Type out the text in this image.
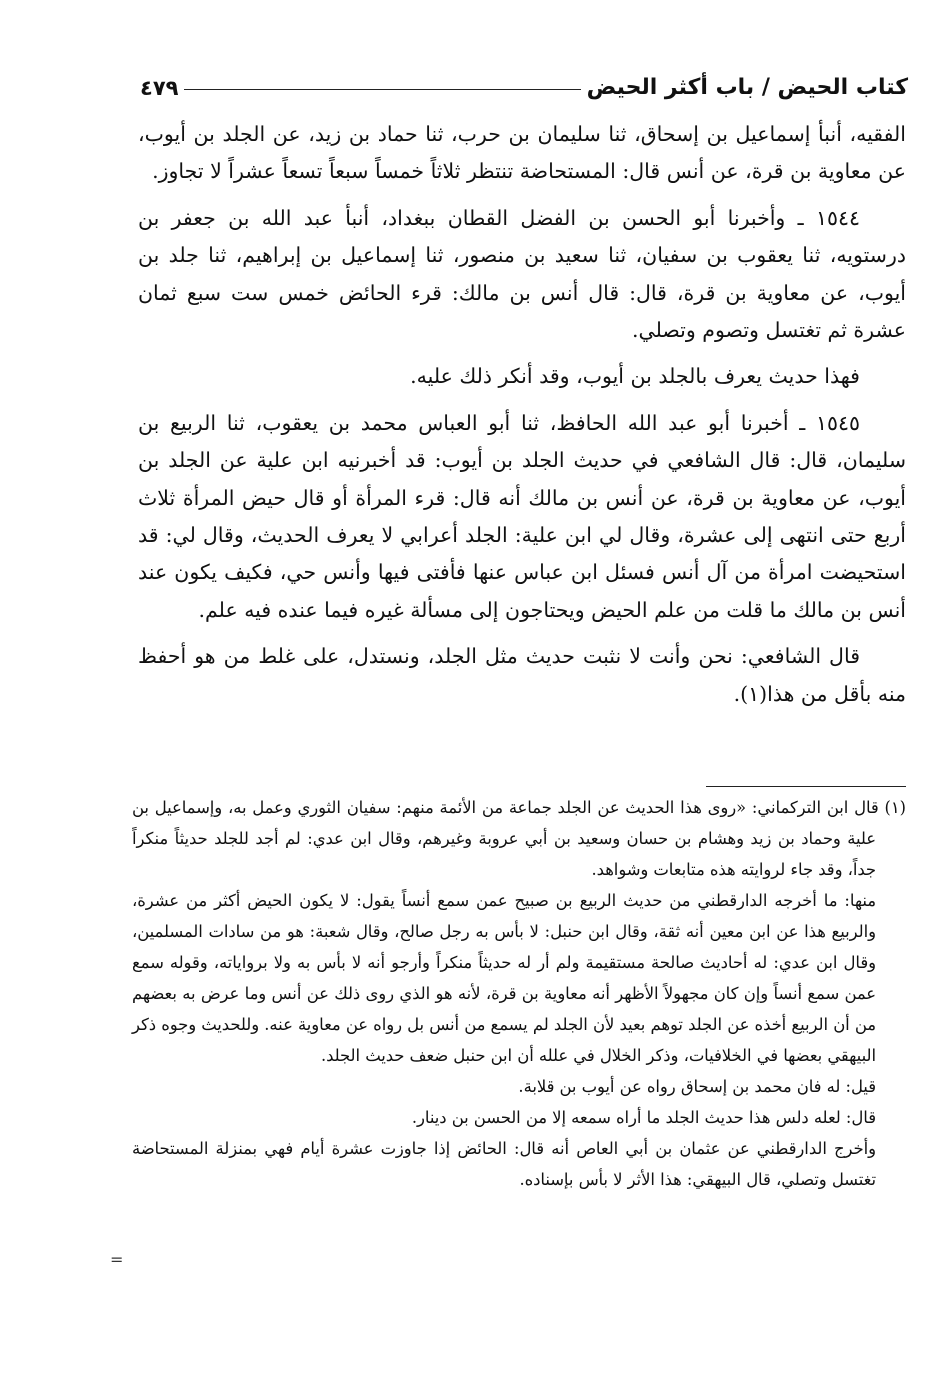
كتاب الحيض / باب أكثر الحيض
٤٧٩

الفقيه، أنبأ إسماعيل بن إسحاق، ثنا سليمان بن حرب، ثنا حماد بن زيد، عن الجلد بن أيوب، عن معاوية بن قرة، عن أنس قال: المستحاضة تنتظر ثلاثاً خمساً سبعاً تسعاً عشراً لا تجاوز.

١٥٤٤ ـ وأخبرنا أبو الحسن بن الفضل القطان ببغداد، أنبأ عبد الله بن جعفر بن درستويه، ثنا يعقوب بن سفيان، ثنا سعيد بن منصور، ثنا إسماعيل بن إبراهيم، ثنا جلد بن أيوب، عن معاوية بن قرة، قال: قال أنس بن مالك: قرء الحائض خمس ست سبع ثمان عشرة ثم تغتسل وتصوم وتصلي.

فهذا حديث يعرف بالجلد بن أيوب، وقد أنكر ذلك عليه.

١٥٤٥ ـ أخبرنا أبو عبد الله الحافظ، ثنا أبو العباس محمد بن يعقوب، ثنا الربيع بن سليمان، قال: قال الشافعي في حديث الجلد بن أيوب: قد أخبرنيه ابن علية عن الجلد بن أيوب، عن معاوية بن قرة، عن أنس بن مالك أنه قال: قرء المرأة أو قال حيض المرأة ثلاث أربع حتى انتهى إلى عشرة، وقال لي ابن علية: الجلد أعرابي لا يعرف الحديث، وقال لي: قد استحيضت امرأة من آل أنس فسئل ابن عباس عنها فأفتى فيها وأنس حي، فكيف يكون عند أنس بن مالك ما قلت من علم الحيض ويحتاجون إلى مسألة غيره فيما عنده فيه علم.

قال الشافعي: نحن وأنت لا نثبت حديث مثل الجلد، ونستدل، على غلط من هو أحفظ منه بأقل من هذا(١).

(١) قال ابن التركماني: «روى هذا الحديث عن الجلد جماعة من الأئمة منهم: سفيان الثوري وعمل به، وإسماعيل بن علية وحماد بن زيد وهشام بن حسان وسعيد بن أبي عروبة وغيرهم، وقال ابن عدي: لم أجد للجلد حديثاً منكراً جداً، وقد جاء لروايته هذه متابعات وشواهد.

منها: ما أخرجه الدارقطني من حديث الربيع بن صبيح عمن سمع أنساً يقول: لا يكون الحيض أكثر من عشرة، والربيع هذا عن ابن معين أنه ثقة، وقال ابن حنبل: لا بأس به رجل صالح، وقال شعبة: هو من سادات المسلمين، وقال ابن عدي: له أحاديث صالحة مستقيمة ولم أر له حديثاً منكراً وأرجو أنه لا بأس به ولا برواياته، وقوله سمع عمن سمع أنساً وإن كان مجهولاً الأظهر أنه معاوية بن قرة، لأنه هو الذي روى ذلك عن أنس وما عرض به بعضهم من أن الربيع أخذه عن الجلد توهم بعيد لأن الجلد لم يسمع من أنس بل رواه عن معاوية عنه. وللحديث وجوه ذكر البيهقي بعضها في الخلافيات، وذكر الخلال في علله أن ابن حنبل ضعف حديث الجلد.

قيل: له فان محمد بن إسحاق رواه عن أيوب بن قلابة.

قال: لعله دلس هذا حديث الجلد ما أراه سمعه إلا من الحسن بن دينار.

وأخرج الدارقطني عن عثمان بن أبي العاص أنه قال: الحائض إذا جاوزت عشرة أيام فهي بمنزلة المستحاضة تغتسل وتصلي، قال البيهقي: هذا الأثر لا بأس بإسناده.

=
